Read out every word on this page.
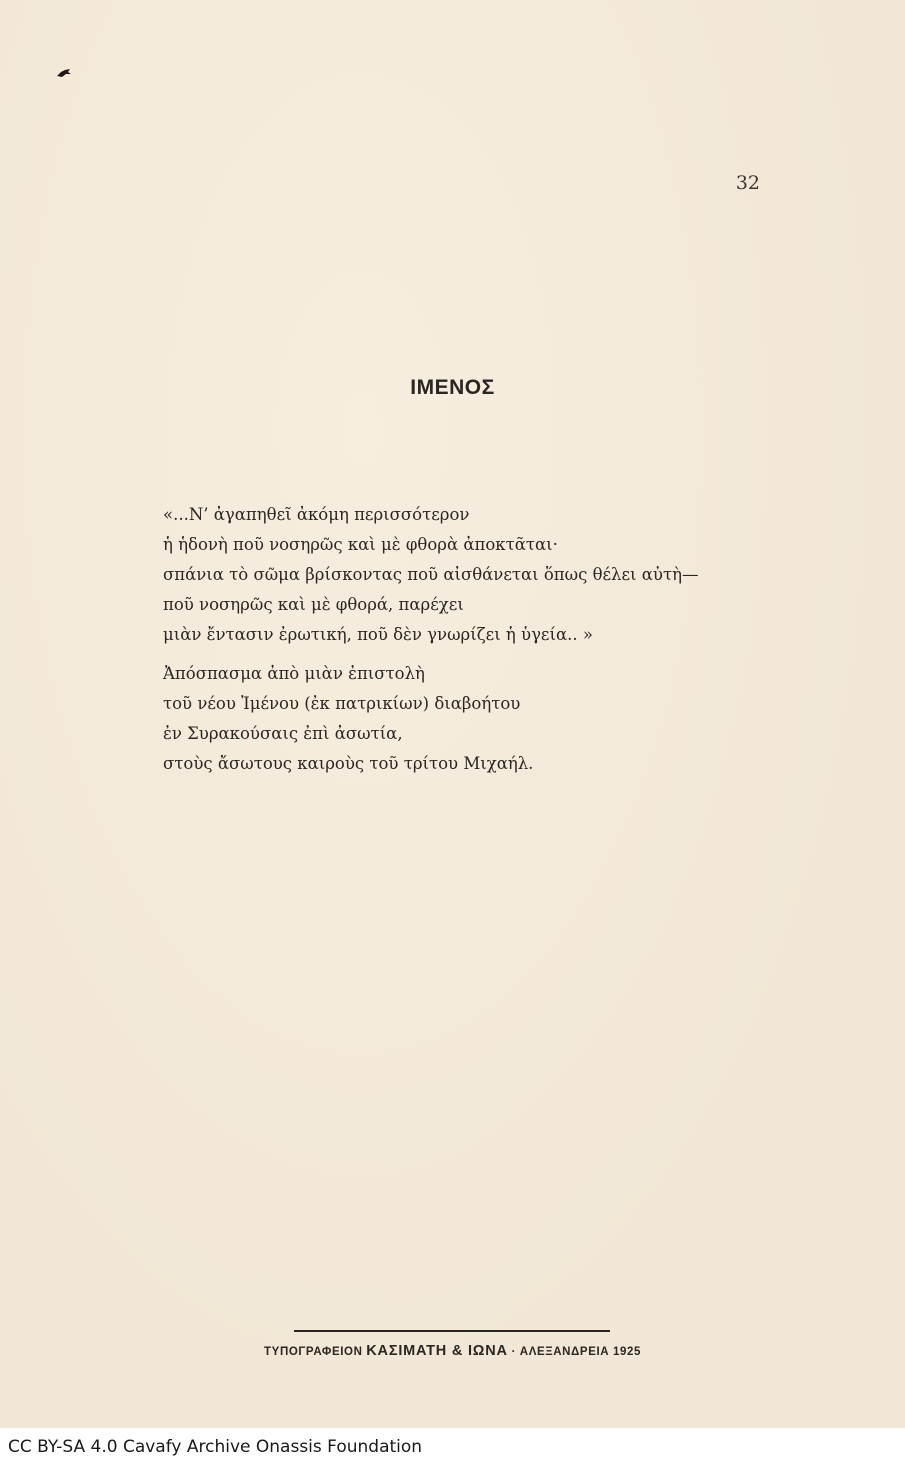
32
ΙΜΕΝΟΣ
«...Ν’ ἀγαπηθεῖ ἀκόμη περισσότερον
ἡ ἡδονὴ ποῦ νοσηρῶς καὶ μὲ φθορὰ ἀποκτᾶται·
σπάνια τὸ σῶμα βρίσκοντας ποῦ αἰσθάνεται ὅπως θέλει αὐτὴ—
ποῦ νοσηρῶς καὶ μὲ φθορά, παρέχει
μιὰν ἔντασιν ἐρωτική, ποῦ δὲν γνωρίζει ἡ ὑγεία.. »
Ἀπόσπασμα ἀπὸ μιὰν ἐπιστολὴ
τοῦ νέου Ἰμένου (ἐκ πατρικίων) διαβοήτου
ἐν Συρακούσαις ἐπὶ ἀσωτία,
στοὺς ἄσωτους καιροὺς τοῦ τρίτου Μιχαήλ.
ΤΥΠΟΓΡΑΦΕΙΟΝ ΚΑΣΙΜΑΤΗ & ΙΩΝΑ · ΑΛΕΞΑΝΔΡΕΙΑ 1925
CC BY-SA 4.0 Cavafy Archive Onassis Foundation
